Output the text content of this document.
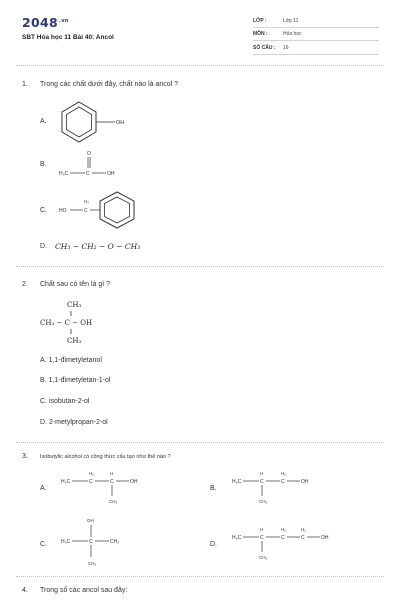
$2048^{.vn}$
SBT Hóa học 11 Bài 40: Ancol
LỚP :	Lớp 11
MÔN :	Hóa học
SỐ CÂU : 16
1. Trong các chất dưới đây, chất nào là ancol ?
A.	OH
B.
O
H₃C	C	OH
C. HO
H₂
C
D. CH₃ − CH₂ − O − CH₃
2. Chất sau có tên là gì ?
CH₃
CH₃ − C − OH
CH₃
A. 1,1-đimetyletanol
B. 1,1-đimetyletan-1-ol
C. isobutan-2-ol
D. 2-metylpropan-2-ol
3. Isobutylic alcohol có công thức cấu tạo như thế nào ?
A.
H₃C
H₂
C
H
C
CH₃
OH
B.
H₃C
H
C
CH₃
H₂
C	OH
C.
OH
H₃C	C	CH₃
CH₃
D.
H₃C
H
C
CH₃
H₂
C
H₂
C	OH
4. Trong số các ancol sau đây:
